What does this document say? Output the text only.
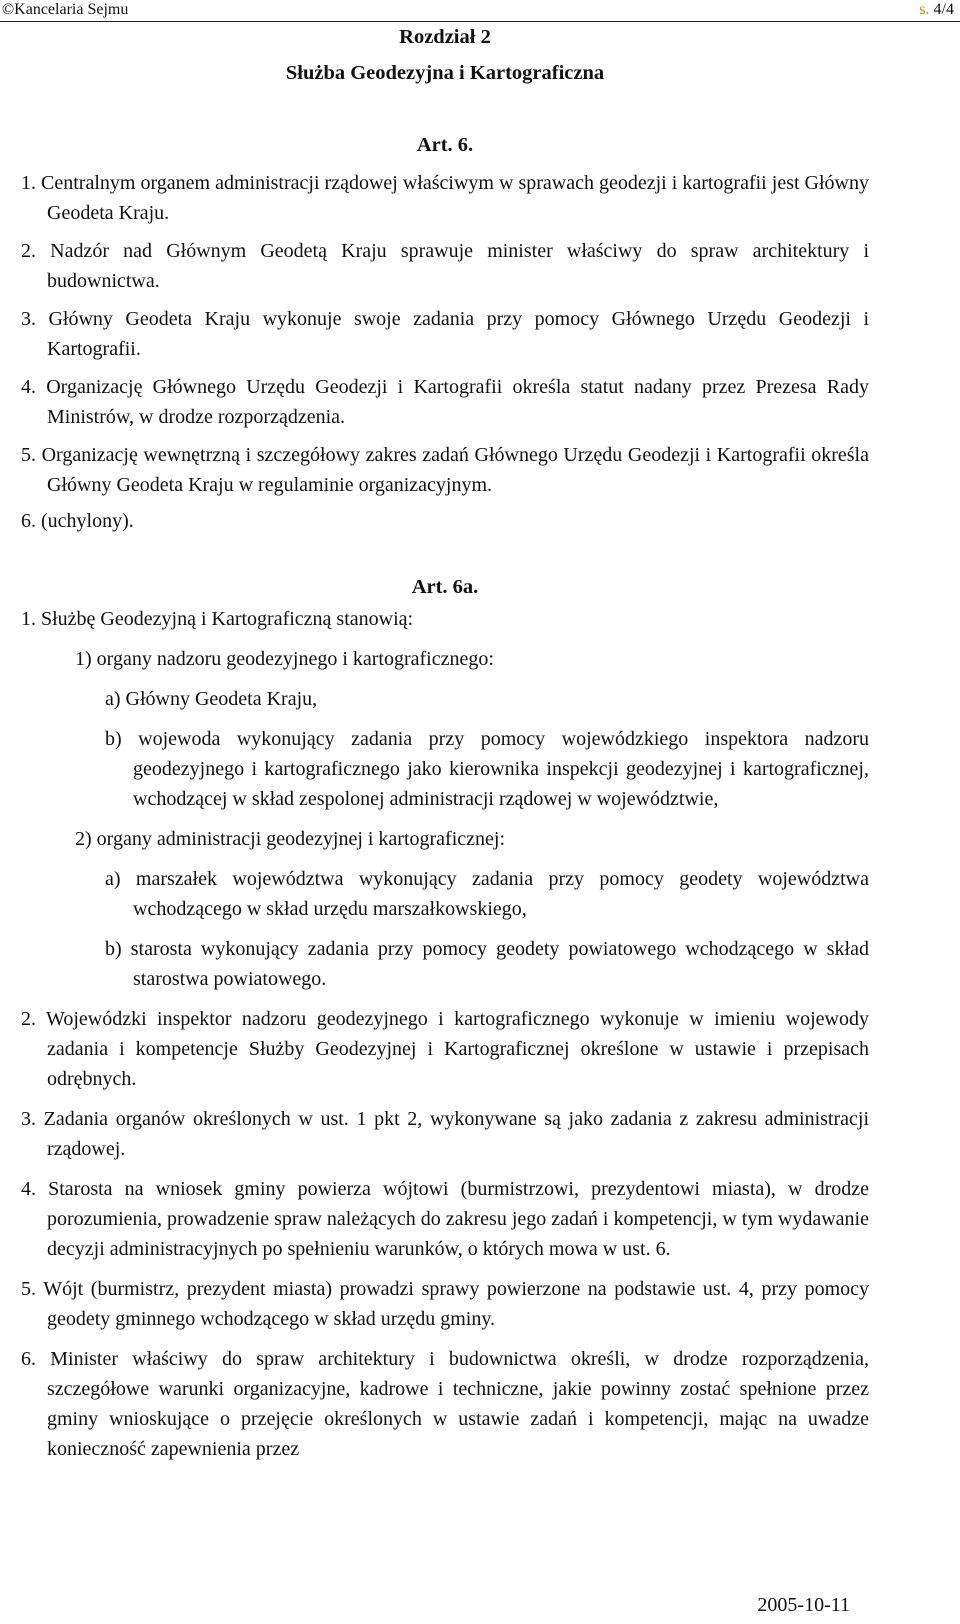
©Kancelaria Sejmu	s. 4/4
Rozdział 2
Służba Geodezyjna i Kartograficzna
Art. 6.
1. Centralnym organem administracji rządowej właściwym w sprawach geodezji i kartografii jest Główny Geodeta Kraju.
2. Nadzór nad Głównym Geodetą Kraju sprawuje minister właściwy do spraw architektury i budownictwa.
3. Główny Geodeta Kraju wykonuje swoje zadania przy pomocy Głównego Urzędu Geodezji i Kartografii.
4. Organizację Głównego Urzędu Geodezji i Kartografii określa statut nadany przez Prezesa Rady Ministrów, w drodze rozporządzenia.
5. Organizację wewnętrzną i szczegółowy zakres zadań Głównego Urzędu Geodezji i Kartografii określa Główny Geodeta Kraju w regulaminie organizacyjnym.
6. (uchylony).
Art. 6a.
1. Służbę Geodezyjną i Kartograficzną stanowią:
1) organy nadzoru geodezyjnego i kartograficznego:
a) Główny Geodeta Kraju,
b) wojewoda wykonujący zadania przy pomocy wojewódzkiego inspektora nadzoru geodezyjnego i kartograficznego jako kierownika inspekcji geodezyjnej i kartograficznej, wchodzącej w skład zespolonej administracji rządowej w województwie,
2) organy administracji geodezyjnej i kartograficznej:
a) marszałek województwa wykonujący zadania przy pomocy geodety województwa wchodzącego w skład urzędu marszałkowskiego,
b) starosta wykonujący zadania przy pomocy geodety powiatowego wchodzącego w skład starostwa powiatowego.
2. Wojewódzki inspektor nadzoru geodezyjnego i kartograficznego wykonuje w imieniu wojewody zadania i kompetencje Służby Geodezyjnej i Kartograficznej określone w ustawie i przepisach odrębnych.
3. Zadania organów określonych w ust. 1 pkt 2, wykonywane są jako zadania z zakresu administracji rządowej.
4. Starosta na wniosek gminy powierza wójtowi (burmistrzowi, prezydentowi miasta), w drodze porozumienia, prowadzenie spraw należących do zakresu jego zadań i kompetencji, w tym wydawanie decyzji administracyjnych po spełnieniu warunków, o których mowa w ust. 6.
5. Wójt (burmistrz, prezydent miasta) prowadzi sprawy powierzone na podstawie ust. 4, przy pomocy geodety gminnego wchodzącego w skład urzędu gminy.
6. Minister właściwy do spraw architektury i budownictwa określi, w drodze rozporządzenia, szczegółowe warunki organizacyjne, kadrowe i techniczne, jakie powinny zostać spełnione przez gminy wnioskujące o przejęcie określonych w ustawie zadań i kompetencji, mając na uwadze konieczność zapewnienia przez
2005-10-11
